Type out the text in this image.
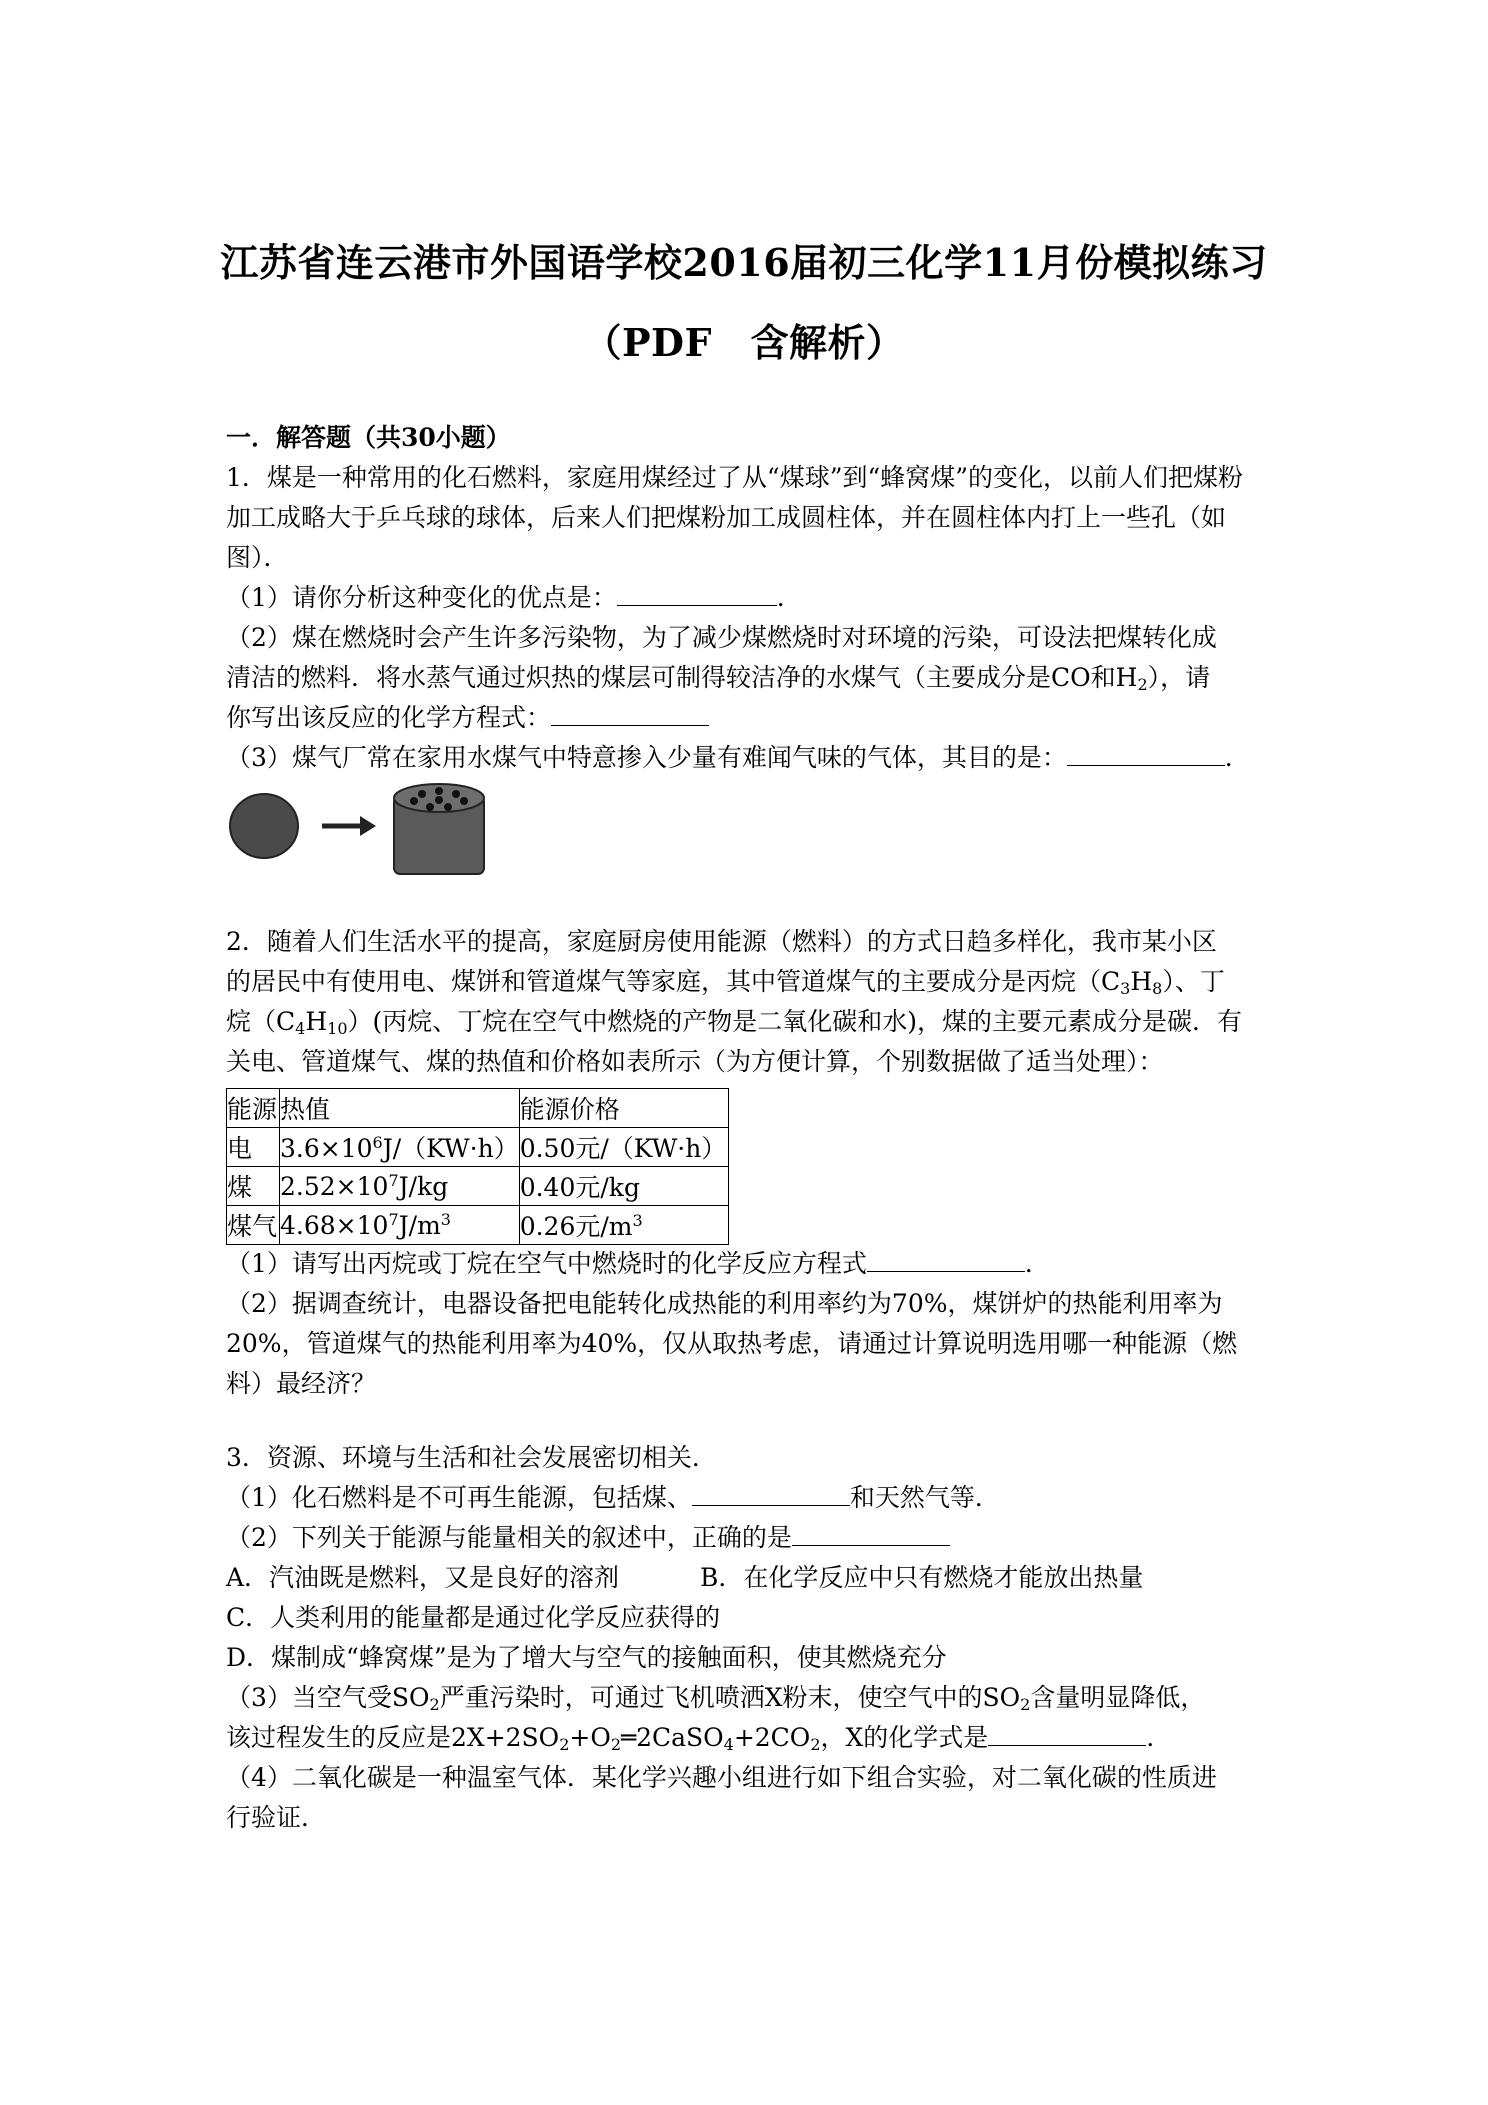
江苏省连云港市外国语学校2016届初三化学11月份模拟练习
（PDF　含解析）
一．解答题（共30小题）
1．煤是一种常用的化石燃料，家庭用煤经过了从“煤球”到“蜂窝煤”的变化，以前人们把煤粉
加工成略大于乒乓球的球体，后来人们把煤粉加工成圆柱体，并在圆柱体内打上一些孔（如
图）．
（1）请你分析这种变化的优点是：	．
（2）煤在燃烧时会产生许多污染物，为了减少煤燃烧时对环境的污染，可设法把煤转化成
清洁的燃料．将水蒸气通过炽热的煤层可制得较洁净的水煤气（主要成分是CO和$H_2$），请
你写出该反应的化学方程式：
（3）煤气厂常在家用水煤气中特意掺入少量有难闻气味的气体，其目的是：	．
2．随着人们生活水平的提高，家庭厨房使用能源（燃料）的方式日趋多样化，我市某小区
的居民中有使用电、煤饼和管道煤气等家庭，其中管道煤气的主要成分是丙烷$(C_3H_8)$、丁
烷$(C_4H_{10})$(丙烷、丁烷在空气中燃烧的产物是二氧化碳和水)，煤的主要元素成分是碳．有
关电、管道煤气、煤的热值和价格如表所示（为方便计算，个别数据做了适当处理）：
能源	热值	能源价格
电	$3.6\times 10^6J/(KW\cdot h)$	0.50元/（KW·h）
煤	$2.52\times 10^7J/kg$	0.40元/kg
煤气	$4.68\times 10^7J/m^3$	0.26元$/m^3$
（1）请写出丙烷或丁烷在空气中燃烧时的化学反应方程式	．
（2）据调查统计，电器设备把电能转化成热能的利用率约为70%，煤饼炉的热能利用率为
20%，管道煤气的热能利用率为40%，仅从取热考虑，请通过计算说明选用哪一种能源（燃
料）最经济？
3．资源、环境与生活和社会发展密切相关．
（1）化石燃料是不可再生能源，包括煤、	和天然气等．
（2）下列关于能源与能量相关的叙述中，正确的是
A．汽油既是燃料，又是良好的溶剂	B．在化学反应中只有燃烧才能放出热量
C．人类利用的能量都是通过化学反应获得的
D．煤制成“蜂窝煤”是为了增大与空气的接触面积，使其燃烧充分
（3）当空气受$SO_2$严重污染时，可通过飞机喷洒X粉末，使空气中的$SO_2$含量明显降低，
该过程发生的反应是$2X+2SO_2+O_2═2CaSO_4+2CO_2$，X的化学式是	．
（4）二氧化碳是一种温室气体．某化学兴趣小组进行如下组合实验，对二氧化碳的性质进
行验证．
